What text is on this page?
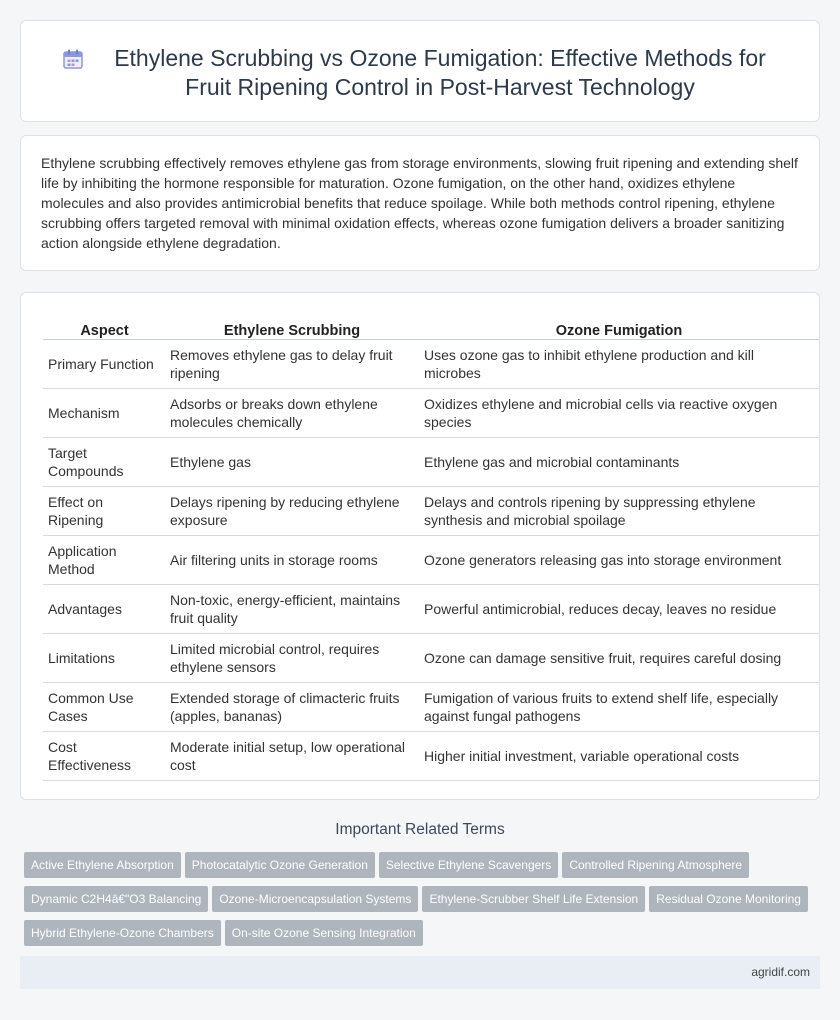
Ethylene Scrubbing vs Ozone Fumigation: Effective Methods for Fruit Ripening Control in Post-Harvest Technology

Ethylene scrubbing effectively removes ethylene gas from storage environments, slowing fruit ripening and extending shelf life by inhibiting the hormone responsible for maturation. Ozone fumigation, on the other hand, oxidizes ethylene molecules and also provides antimicrobial benefits that reduce spoilage. While both methods control ripening, ethylene scrubbing offers targeted removal with minimal oxidation effects, whereas ozone fumigation delivers a broader sanitizing action alongside ethylene degradation.

Aspect	Ethylene Scrubbing	Ozone Fumigation
Primary Function	Removes ethylene gas to delay fruit ripening	Uses ozone gas to inhibit ethylene production and kill microbes
Mechanism	Adsorbs or breaks down ethylene molecules chemically	Oxidizes ethylene and microbial cells via reactive oxygen species
Target Compounds	Ethylene gas	Ethylene gas and microbial contaminants
Effect on Ripening	Delays ripening by reducing ethylene exposure	Delays and controls ripening by suppressing ethylene synthesis and microbial spoilage
Application Method	Air filtering units in storage rooms	Ozone generators releasing gas into storage environment
Advantages	Non-toxic, energy-efficient, maintains fruit quality	Powerful antimicrobial, reduces decay, leaves no residue
Limitations	Limited microbial control, requires ethylene sensors	Ozone can damage sensitive fruit, requires careful dosing
Common Use Cases	Extended storage of climacteric fruits (apples, bananas)	Fumigation of various fruits to extend shelf life, especially against fungal pathogens
Cost Effectiveness	Moderate initial setup, low operational cost	Higher initial investment, variable operational costs
Important Related Terms
Active Ethylene Absorption Photocatalytic Ozone Generation Selective Ethylene Scavengers Controlled Ripening AtmosphereDynamic C2H4â€"O3 Balancing Ozone-Microencapsulation Systems Ethylene-Scrubber Shelf Life Extension Residual Ozone MonitoringHybrid Ethylene-Ozone Chambers On-site Ozone Sensing Integration
agridif.com
